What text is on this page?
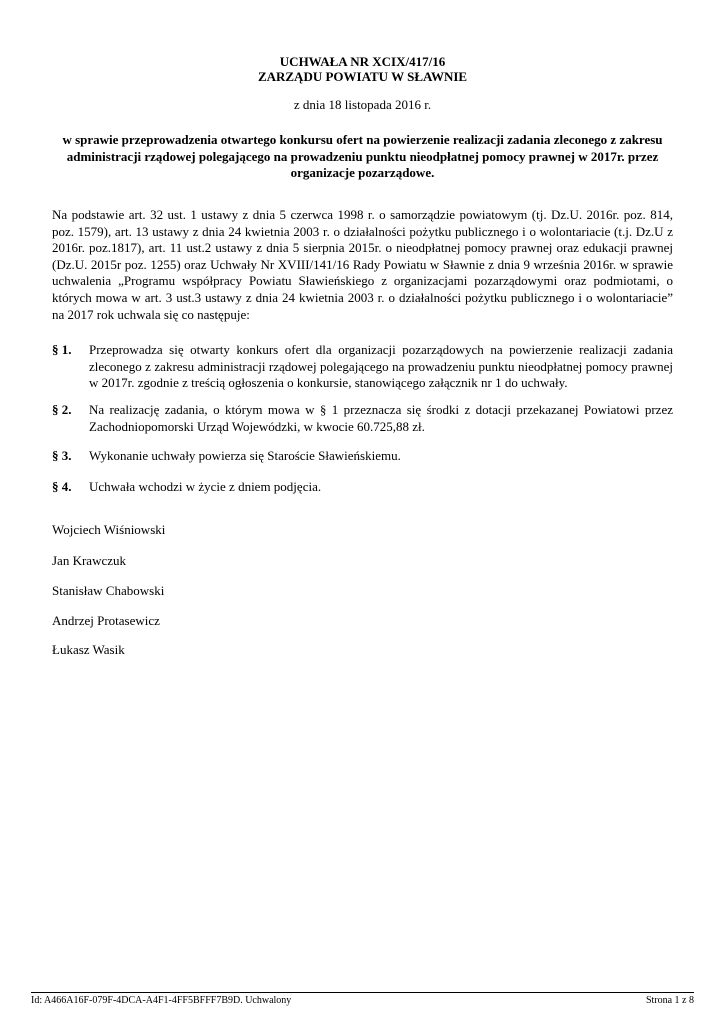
UCHWAŁA NR XCIX/417/16
ZARZĄDU POWIATU W SŁAWNIE
z dnia 18 listopada 2016 r.
w sprawie przeprowadzenia otwartego konkursu ofert na powierzenie realizacji zadania zleconego z zakresu administracji rządowej polegającego na prowadzeniu punktu nieodpłatnej pomocy prawnej w 2017r. przez organizacje pozarządowe.
Na podstawie art. 32 ust. 1 ustawy z dnia 5 czerwca 1998 r. o samorządzie powiatowym (tj. Dz.U. 2016r. poz. 814, poz. 1579), art. 13 ustawy z dnia 24 kwietnia 2003 r. o działalności pożytku publicznego i o wolontariacie (t.j. Dz.U z 2016r. poz.1817), art. 11 ust.2 ustawy z dnia 5 sierpnia 2015r. o nieodpłatnej pomocy prawnej oraz edukacji prawnej (Dz.U. 2015r poz. 1255) oraz Uchwały Nr XVIII/141/16 Rady Powiatu w Sławnie z dnia 9 września 2016r. w sprawie uchwalenia „Programu współpracy Powiatu Sławieńskiego z organizacjami pozarządowymi oraz podmiotami, o których mowa w art. 3 ust.3 ustawy z dnia 24 kwietnia 2003 r. o działalności pożytku publicznego i o wolontariacie” na 2017 rok uchwala się co następuje:
§ 1.	Przeprowadza się otwarty konkurs ofert dla organizacji pozarządowych na powierzenie realizacji zadania zleconego z zakresu administracji rządowej polegającego na prowadzeniu punktu nieodpłatnej pomocy prawnej w 2017r. zgodnie z treścią ogłoszenia o konkursie, stanowiącego załącznik nr 1 do uchwały.
§ 2.	Na realizację zadania, o którym mowa w § 1 przeznacza się środki z dotacji przekazanej Powiatowi przez Zachodniopomorski Urząd Wojewódzki, w kwocie 60.725,88 zł.
§ 3.	Wykonanie uchwały powierza się Staroście Sławieńskiemu.
§ 4.	Uchwała wchodzi w życie z dniem podjęcia.
Wojciech Wiśniowski
Jan Krawczuk
Stanisław Chabowski
Andrzej Protasewicz
Łukasz Wasik
Id: A466A16F-079F-4DCA-A4F1-4FF5BFFF7B9D. Uchwalony	Strona 1 z 8
